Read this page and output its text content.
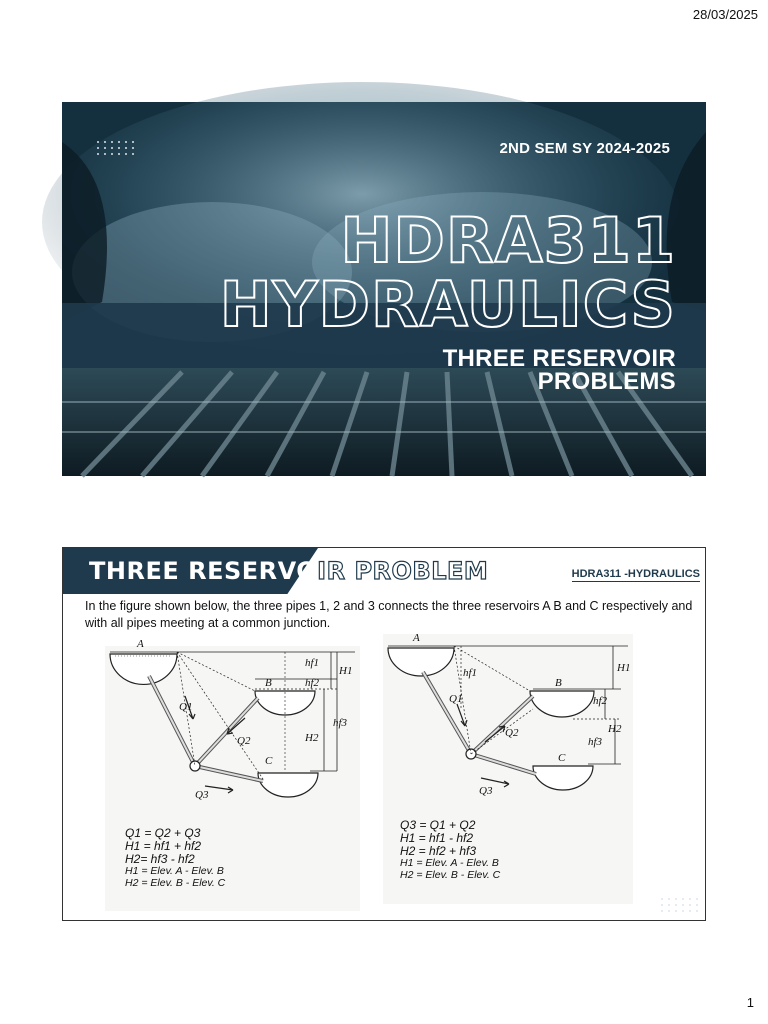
28/03/2025
2ND SEM SY 2024-2025
HDRA311
HYDRAULICS
THREE RESERVOIR
PROBLEMS
THREE RESERVOIR PROBLEM	HDRA311 -HYDRAULICS
In the figure shown below, the three pipes 1, 2 and 3 connects the three reservoirs A B and C respectively and with all pipes meeting at a common junction.
A
B
C
Q1
Q2
Q3
hf1
hf2
hf3
H1
H2
Q1 = Q2 + Q3
H1 = hf1 + hf2
H2= hf3 - hf2
H1 = Elev. A - Elev. B
H2 = Elev. B - Elev. C
A
B
C
Q1
Q2
Q3
hf1
hf2
hf3
H1
H2
Q3 = Q1 + Q2
H1 = hf1 - hf2
H2 = hf2 + hf3
H1 = Elev. A - Elev. B
H2 = Elev. B - Elev. C
1
